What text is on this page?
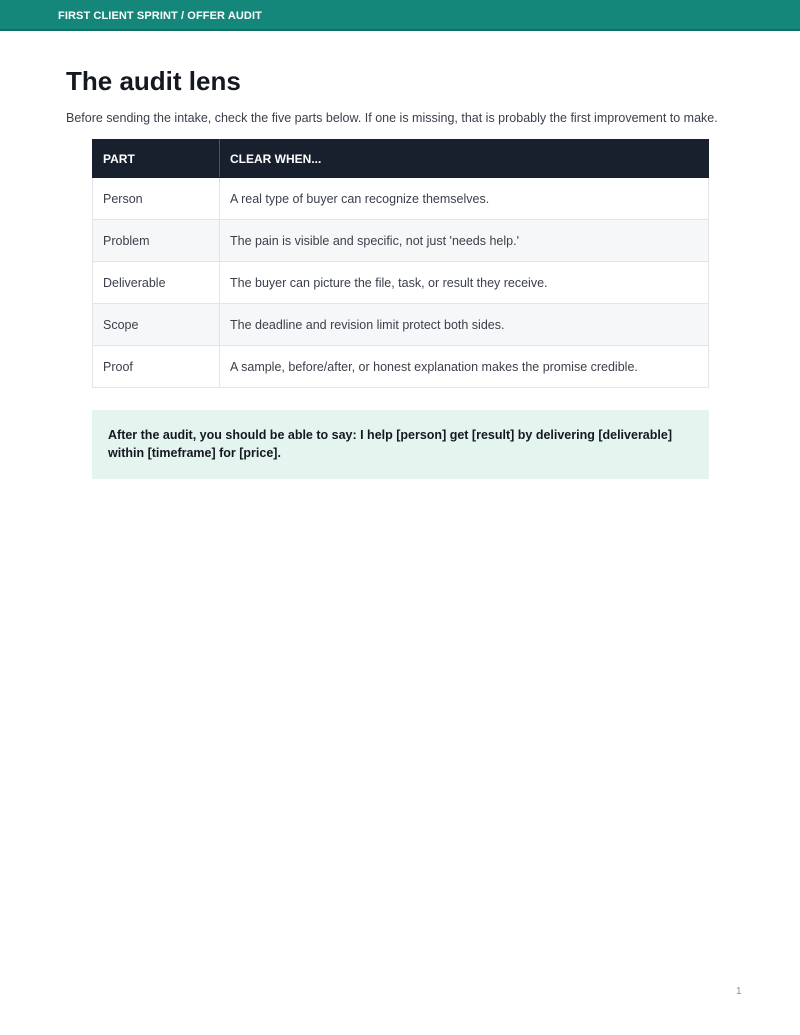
FIRST CLIENT SPRINT / OFFER AUDIT
The audit lens

Before sending the intake, check the five parts below. If one is missing, that is probably the first improvement to make.

PART	CLEAR WHEN...
Person	A real type of buyer can recognize themselves.
Problem	The pain is visible and specific, not just 'needs help.'
Deliverable	The buyer can picture the file, task, or result they receive.
Scope	The deadline and revision limit protect both sides.
Proof	A sample, before/after, or honest explanation makes the promise credible.

After the audit, you should be able to say: I help [person] get [result] by delivering [deliverable] within [timeframe] for [price].

1
